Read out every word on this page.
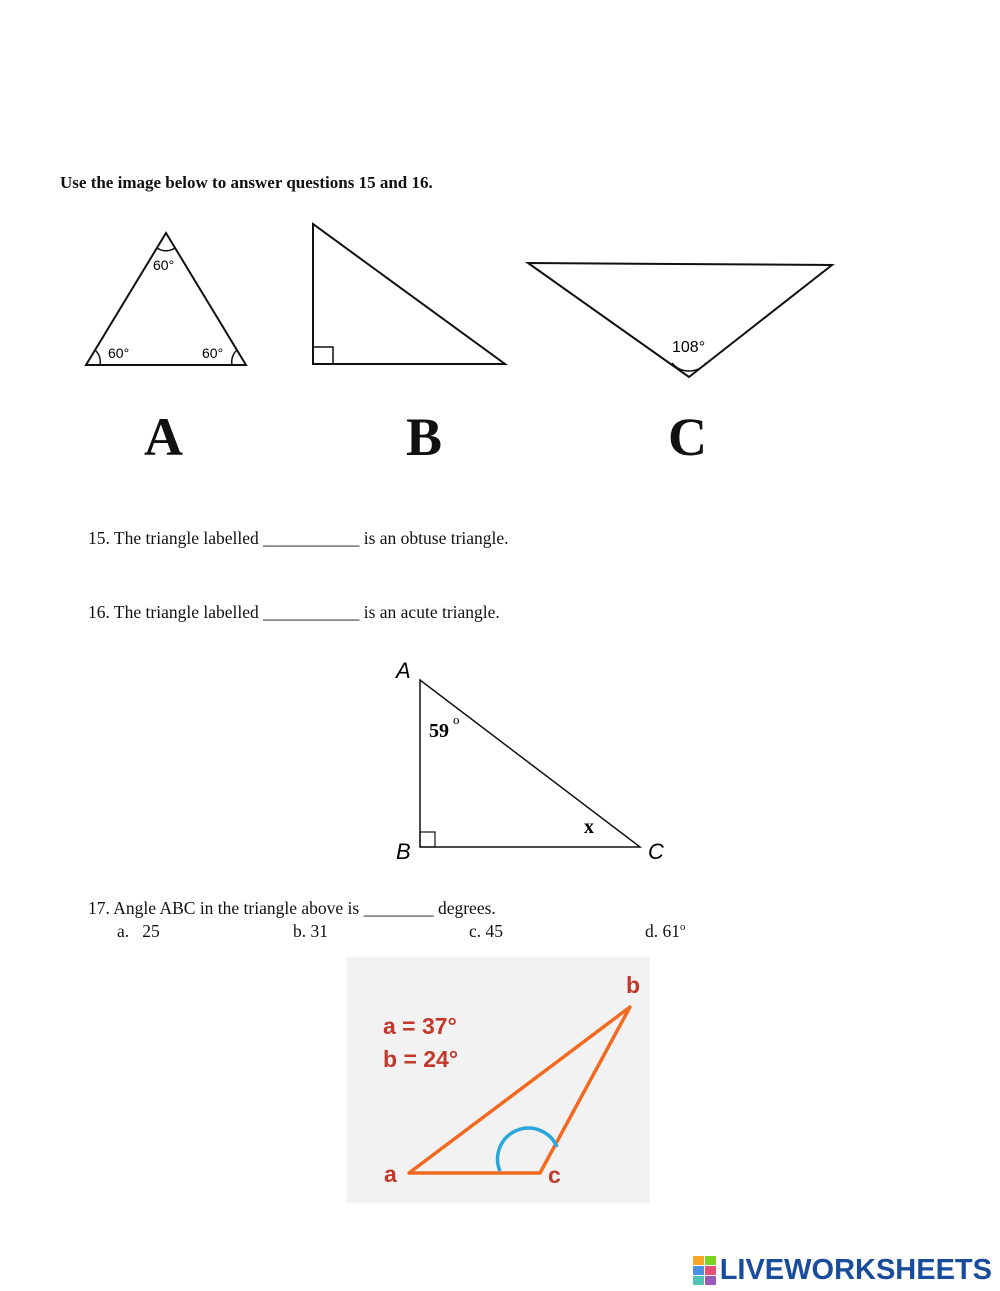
Use the image below to answer questions 15 and 16.
60°
60°	60°	108°
A	B	C
15. The triangle labelled ___________ is an obtuse triangle.
16. The triangle labelled ___________ is an acute triangle.
A
B	C
59
o
x
17. Angle ABC in the triangle above is ________ degrees.
a. 25	b. 31	c. 45	d. 61$^o$
a = 37°
b = 24°
a
b
c
LIVEWORKSHEETS
